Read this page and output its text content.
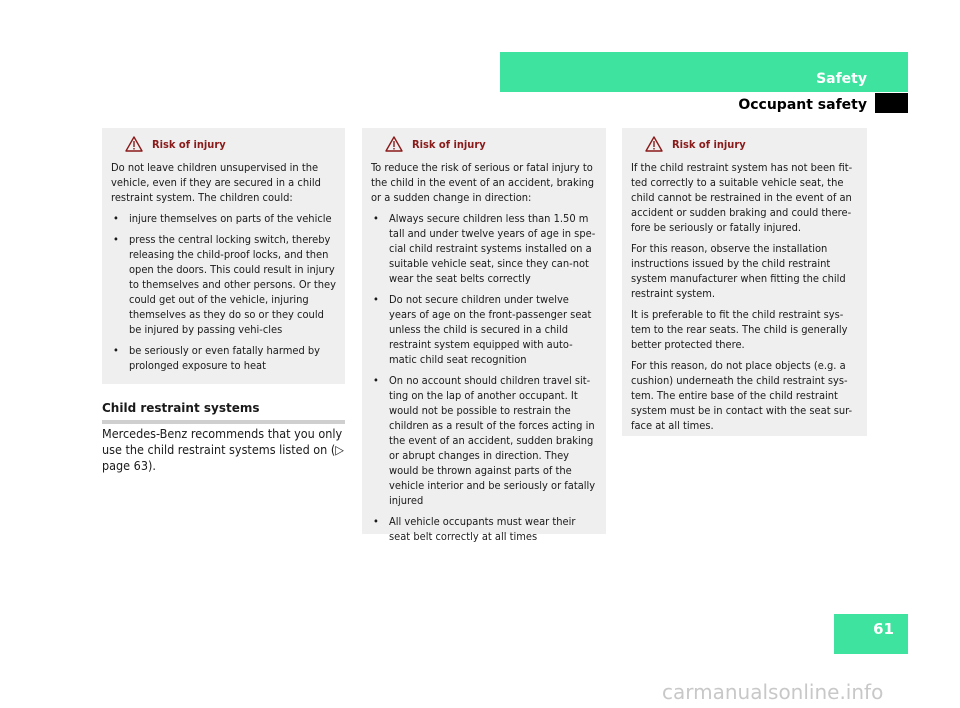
Safety
Occupant safety
Risk of injury

Do not leave children unsupervised in the vehicle, even if they are secured in a child restraint system. The children could:

• injure themselves on parts of the vehicle
• press the central locking switch, thereby releasing the child-proof locks, and then open the doors. This could result in injury to themselves and other persons. Or they could get out of the vehicle, injuring themselves as they do so or they could be injured by passing vehi-cles
• be seriously or even fatally harmed by prolonged exposure to heat
Child restraint systems
Mercedes-Benz recommends that you only use the child restraint systems listed on (▷ page 63).
Risk of injury

To reduce the risk of serious or fatal injury to the child in the event of an accident, braking or a sudden change in direction:

• Always secure children less than 1.50 m tall and under twelve years of age in spe-cial child restraint systems installed on a suitable vehicle seat, since they can-not wear the seat belts correctly
• Do not secure children under twelve years of age on the front-passenger seat unless the child is secured in a child restraint system equipped with auto-matic child seat recognition
• On no account should children travel sit-ting on the lap of another occupant. It would not be possible to restrain the children as a result of the forces acting in the event of an accident, sudden braking or abrupt changes in direction. They would be thrown against parts of the vehicle interior and be seriously or fatally injured
• All vehicle occupants must wear their seat belt correctly at all times
Risk of injury

If the child restraint system has not been fit-ted correctly to a suitable vehicle seat, the child cannot be restrained in the event of an accident or sudden braking and could there-fore be seriously or fatally injured.

For this reason, observe the installation instructions issued by the child restraint system manufacturer when fitting the child restraint system.

It is preferable to fit the child restraint sys-tem to the rear seats. The child is generally better protected there.

For this reason, do not place objects (e.g. a cushion) underneath the child restraint sys-tem. The entire base of the child restraint system must be in contact with the seat sur-face at all times.

61
carmanualsonline.info
